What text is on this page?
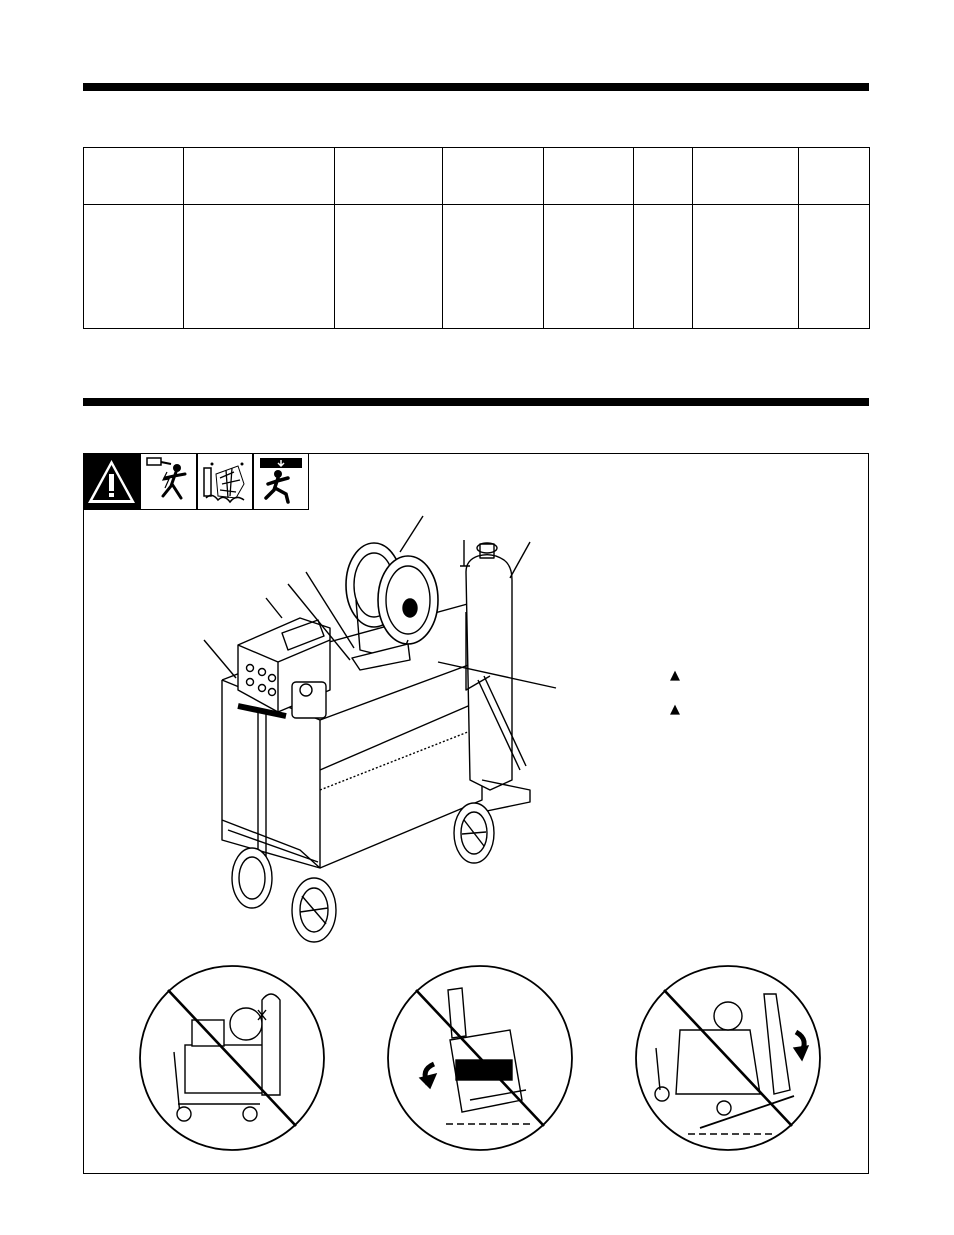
▲
▲
